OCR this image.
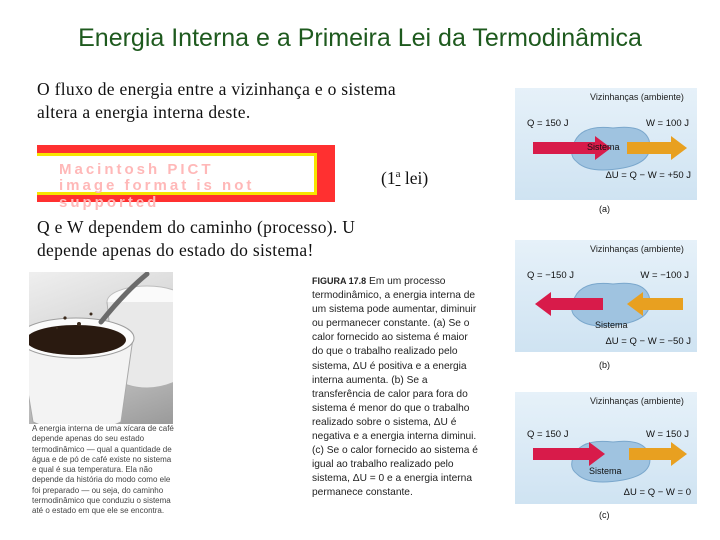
Energia Interna e a Primeira Lei da Termodinâmica
O fluxo de energia entre a vizinhança e o sistema
altera a energia interna deste.
Macintosh PICT
image format is not supported
(1$^a$ lei)
Q e W dependem do caminho (processo). U
depende apenas do estado do sistema!
A energia interna de uma xícara de café depende apenas do seu estado termodinâmico — qual a quantidade de água e de pó de café existe no sistema e qual é sua temperatura. Ela não depende da história do modo como ele foi preparado — ou seja, do caminho termodinâmico que conduziu o sistema até o estado em que ele se encontra.
FIGURA 17.8 Em um processo termodinâmico, a energia interna de um sistema pode aumentar, diminuir ou permanecer constante. (a) Se o calor fornecido ao sistema é maior do que o trabalho realizado pelo sistema, ΔU é positiva e a energia interna aumenta. (b) Se a transferência de calor para fora do sistema é menor do que o trabalho realizado sobre o sistema, ΔU é negativa e a energia interna diminui. (c) Se o calor fornecido ao sistema é igual ao trabalho realizado pelo sistema, ΔU = 0 e a energia interna permanece constante.
Vizinhanças (ambiente)
Q = 150 J	W = 100 J
Sistema
ΔU = Q − W = +50 J
(a)
Vizinhanças (ambiente)
Q = −150 J	W = −100 J
Sistema
ΔU = Q − W = −50 J
(b)
Vizinhanças (ambiente)
Q = 150 J	W = 150 J
Sistema
ΔU = Q − W = 0
(c)
